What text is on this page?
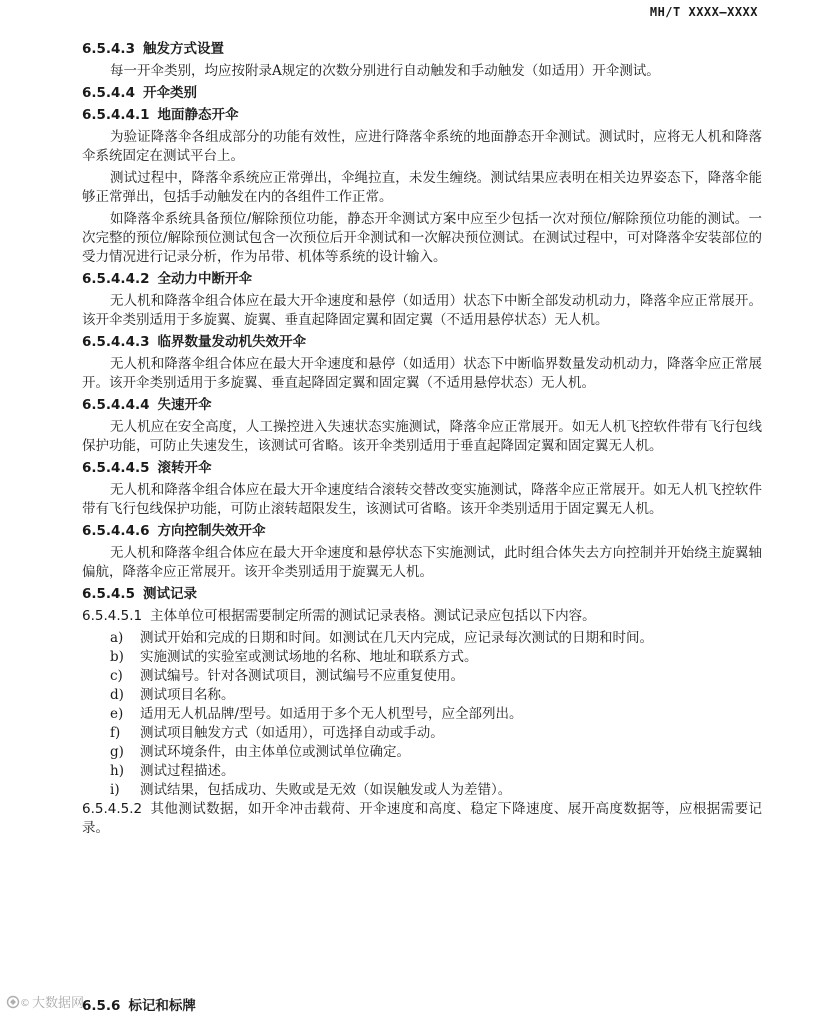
MH/T XXXX—XXXX
6.5.4.3 触发方式设置

每一开伞类别，均应按附录A规定的次数分别进行自动触发和手动触发（如适用）开伞测试。

6.5.4.4 开伞类别
6.5.4.4.1 地面静态开伞

为验证降落伞各组成部分的功能有效性，应进行降落伞系统的地面静态开伞测试。测试时，应将无人机和降落伞系统固定在测试平台上。

测试过程中，降落伞系统应正常弹出，伞绳拉直，未发生缠绕。测试结果应表明在相关边界姿态下，降落伞能够正常弹出，包括手动触发在内的各组件工作正常。

如降落伞系统具备预位/解除预位功能，静态开伞测试方案中应至少包括一次对预位/解除预位功能的测试。一次完整的预位/解除预位测试包含一次预位后开伞测试和一次解决预位测试。在测试过程中，可对降落伞安装部位的受力情况进行记录分析，作为吊带、机体等系统的设计输入。

6.5.4.4.2 全动力中断开伞

无人机和降落伞组合体应在最大开伞速度和悬停（如适用）状态下中断全部发动机动力，降落伞应正常展开。该开伞类别适用于多旋翼、旋翼、垂直起降固定翼和固定翼（不适用悬停状态）无人机。

6.5.4.4.3 临界数量发动机失效开伞

无人机和降落伞组合体应在最大开伞速度和悬停（如适用）状态下中断临界数量发动机动力，降落伞应正常展开。该开伞类别适用于多旋翼、垂直起降固定翼和固定翼（不适用悬停状态）无人机。

6.5.4.4.4 失速开伞

无人机应在安全高度，人工操控进入失速状态实施测试，降落伞应正常展开。如无人机飞控软件带有飞行包线保护功能，可防止失速发生，该测试可省略。该开伞类别适用于垂直起降固定翼和固定翼无人机。

6.5.4.4.5 滚转开伞

无人机和降落伞组合体应在最大开伞速度结合滚转交替改变实施测试，降落伞应正常展开。如无人机飞控软件带有飞行包线保护功能，可防止滚转超限发生，该测试可省略。该开伞类别适用于固定翼无人机。

6.5.4.4.6 方向控制失效开伞

无人机和降落伞组合体应在最大开伞速度和悬停状态下实施测试，此时组合体失去方向控制并开始绕主旋翼轴偏航，降落伞应正常展开。该开伞类别适用于旋翼无人机。

6.5.4.5 测试记录

6.5.4.5.1 主体单位可根据需要制定所需的测试记录表格。测试记录应包括以下内容。

a)	测试开始和完成的日期和时间。如测试在几天内完成，应记录每次测试的日期和时间。
b)	实施测试的实验室或测试场地的名称、地址和联系方式。
c)	测试编号。针对各测试项目，测试编号不应重复使用。
d)	测试项目名称。
e)	适用无人机品牌/型号。如适用于多个无人机型号，应全部列出。
f)	测试项目触发方式（如适用），可选择自动或手动。
g)	测试环境条件，由主体单位或测试单位确定。
h)	测试过程描述。
i)	测试结果，包括成功、失败或是无效（如误触发或人为差错）。

6.5.4.5.2 其他测试数据，如开伞冲击载荷、开伞速度和高度、稳定下降速度、展开高度数据等，应根据需要记录。

6.5.6 标记和标牌
© 大数据网
